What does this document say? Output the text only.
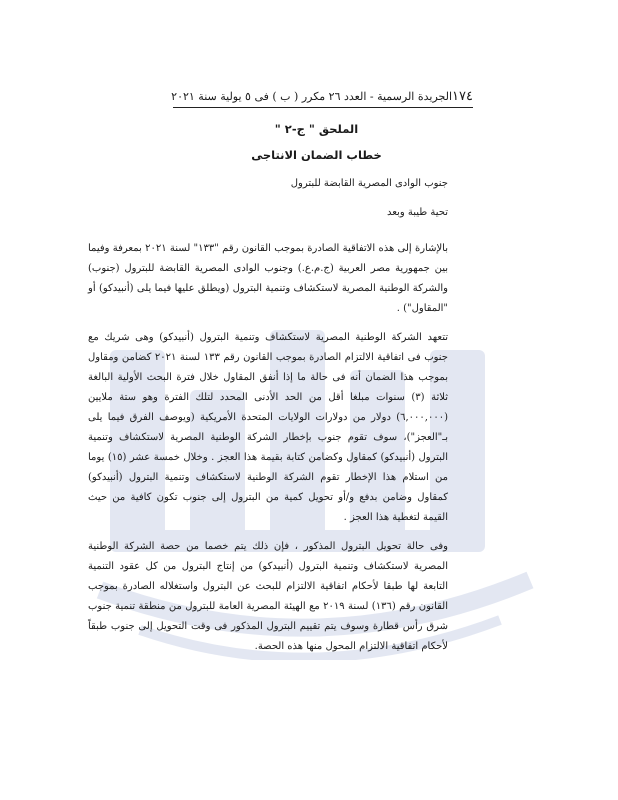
١٧٤
الجريدة الرسمية - العدد ٢٦ مكرر ( ب ) فى ٥ يولية سنة ٢٠٢١
الملحق " ج-٢ "
خطاب الضمان الانتاجى

جنوب الوادى المصرية القابضة للبترول

تحية طيبة وبعد

بالإشارة إلى هذه الاتفاقية الصادرة بموجب القانون رقم "١٣٣" لسنة ٢٠٢١ بمعرفة وفيما بين جمهورية مصر العربية (ج.م.ع.) وجنوب الوادى المصرية القابضة للبترول (جنوب) والشركة الوطنية المصرية لاستكشاف وتنمية البترول (ويطلق عليها فيما يلى (أنبيدكو) أو "المقاول") .

تتعهد الشركة الوطنية المصرية لاستكشاف وتنمية البترول (أنبيدكو) وهى شريك مع جنوب فى اتفاقية الالتزام الصادرة بموجب القانون رقم ١٣٣ لسنة ٢٠٢١ كضامن ومقاول بموجب هذا الضمان أنه فى حالة ما إذا أنفق المقاول خلال فترة البحث الأولية البالغة ثلاثة (٣) سنوات مبلغا أقل من الحد الأدنى المحدد لتلك الفترة وهو ستة ملايين (٦,٠٠٠,٠٠٠) دولار من دولارات الولايات المتحدة الأمريكية (ويوصف الفرق فيما يلى بـ"العجز")، سوف تقوم جنوب بإخطار الشركة الوطنية المصرية لاستكشاف وتنمية البترول (أنبيدكو) كمقاول وكضامن كتابة بقيمة هذا العجز . وخلال خمسة عشر (١٥) يوما من استلام هذا الإخطار تقوم الشركة الوطنية لاستكشاف وتنمية البترول (أنبيدكو) كمقاول وضامن بدفع و/أو تحويل كمية من البترول إلى جنوب تكون كافية من حيث القيمة لتغطية هذا العجز .

وفى حالة تحويل البترول المذكور ، فإن ذلك يتم خصما من حصة الشركة الوطنية المصرية لاستكشاف وتنمية البترول (أنبيدكو) من إنتاج البترول من كل عقود التنمية التابعة لها طبقا لأحكام اتفاقية الالتزام للبحث عن البترول واستغلاله الصادرة بموجب القانون رقم (١٣٦) لسنة ٢٠١٩ مع الهيئة المصرية العامة للبترول من منطقة تنمية جنوب شرق رأس قطارة وسوف يتم تقييم البترول المذكور فى وقت التحويل إلى جنوب طبقاً لأحكام اتفاقية الالتزام المحول منها هذه الحصة.
